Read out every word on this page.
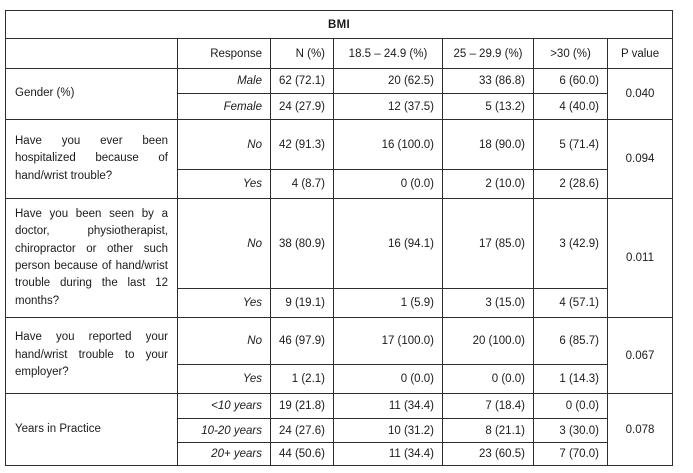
BMI						
	Response	N (%)	18.5 – 24.9 (%)	25 – 29.9 (%)	>30 (%)	P value
Gender (%)	Male	62 (72.1)	20 (62.5)	33 (86.8)	6 (60.0)	0.040
	Female	24 (27.9)	12 (37.5)	5 (13.2)	4 (40.0)	
Have you ever been hospitalized because of hand/wrist trouble?	No	42 (91.3)	16 (100.0)	18 (90.0)	5 (71.4)	0.094
	Yes	4 (8.7)	0 (0.0)	2 (10.0)	2 (28.6)	
Have you been seen by a doctor, physiotherapist, chiropractor or other such person because of hand/wrist trouble during the last 12 months?	No	38 (80.9)	16 (94.1)	17 (85.0)	3 (42.9)	0.011
	Yes	9 (19.1)	1 (5.9)	3 (15.0)	4 (57.1)	
Have you reported your hand/wrist trouble to your employer?	No	46 (97.9)	17 (100.0)	20 (100.0)	6 (85.7)	0.067
	Yes	1 (2.1)	0 (0.0)	0 (0.0)	1 (14.3)	
Years in Practice	<10 years	19 (21.8)	11 (34.4)	7 (18.4)	0 (0.0)	0.078
	10-20 years	24 (27.6)	10 (31.2)	8 (21.1)	3 (30.0)	
	20+ years	44 (50.6)	11 (34.4)	23 (60.5)	7 (70.0)	
